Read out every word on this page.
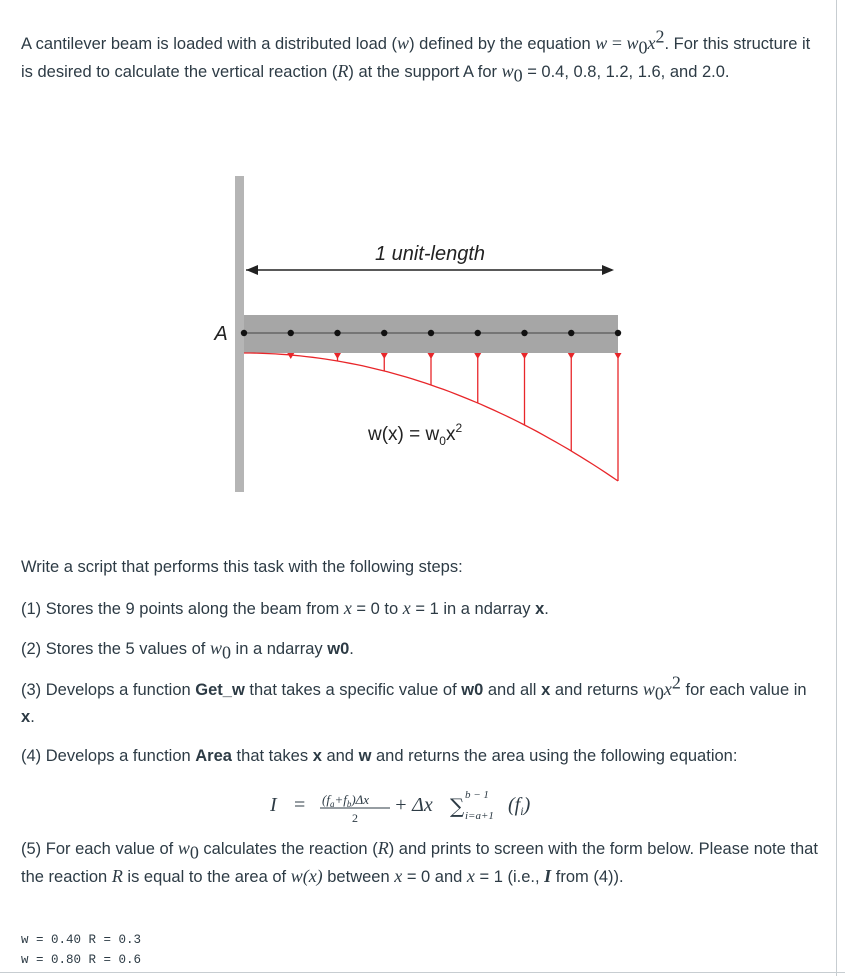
A cantilever beam is loaded with a distributed load (w) defined by the equation $w = w_0x^2$. For this structure it is desired to calculate the vertical reaction (R) at the support A for $w_0 = 0.4$, 0.8, 1.2, 1.6, and 2.0.

1 unit-length
A
$w(x) = w_0x^2$

Write a script that performs this task with the following steps:

(1) Stores the 9 points along the beam from x = 0 to x = 1 in a ndarray x.

(2) Stores the 5 values of $w_0$ in a ndarray w0.

(3) Develops a function Get_w that takes a specific value of w0 and all x and returns $w_0x^2$ for each value in x.

(4) Develops a function Area that takes x and w and returns the area using the following equation:

$I = (f_a+f_b)\Delta x$
2
+ Δx ∑ b − 1
i=a+1 $(f_i)$

(5) For each value of $w_0$ calculates the reaction (R) and prints to screen with the form below. Please note that the reaction R is equal to the area of w(x) between x = 0 and x = 1 (i.e., I from (4)).

w = 0.40 R = 0.3
w = 0.80 R = 0.6
